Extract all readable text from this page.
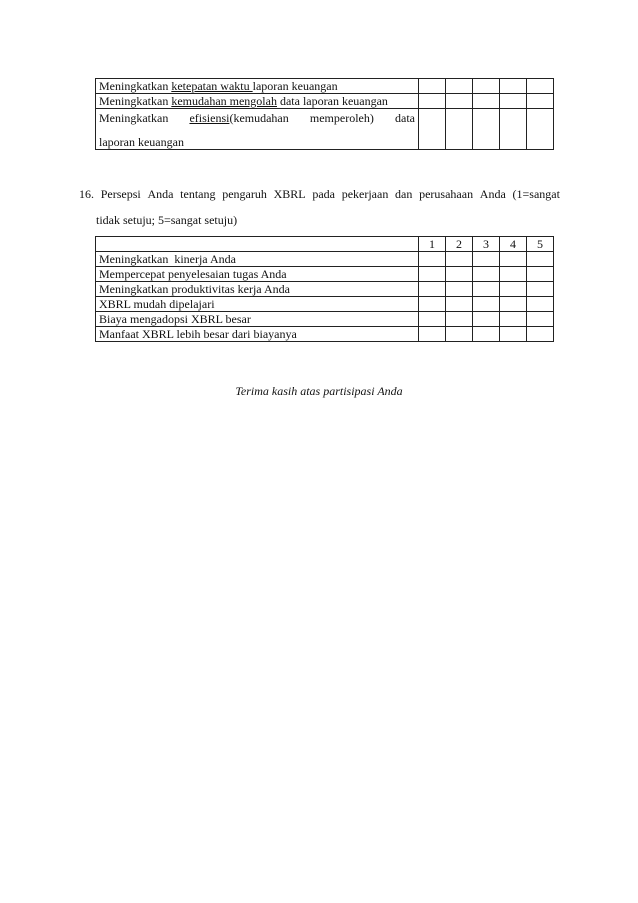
Meningkatkan ketepatan waktu laporan keuangan					
Meningkatkan kemudahan mengolah data laporan keuangan					

Meningkatkan efisiensi(kemudahan memperoleh) data
laporan keuangan					

16. Persepsi Anda tentang pengaruh XBRL pada pekerjaan dan perusahaan Anda (1=sangat
tidak setuju; 5=sangat setuju)
	1	2	3	4	5
Meningkatkan  kinerja Anda					
Mempercepat penyelesaian tugas Anda					
Meningkatkan produktivitas kerja Anda					
XBRL mudah dipelajari					
Biaya mengadopsi XBRL besar					
Manfaat XBRL lebih besar dari biayanya					
Terima kasih atas partisipasi Anda
